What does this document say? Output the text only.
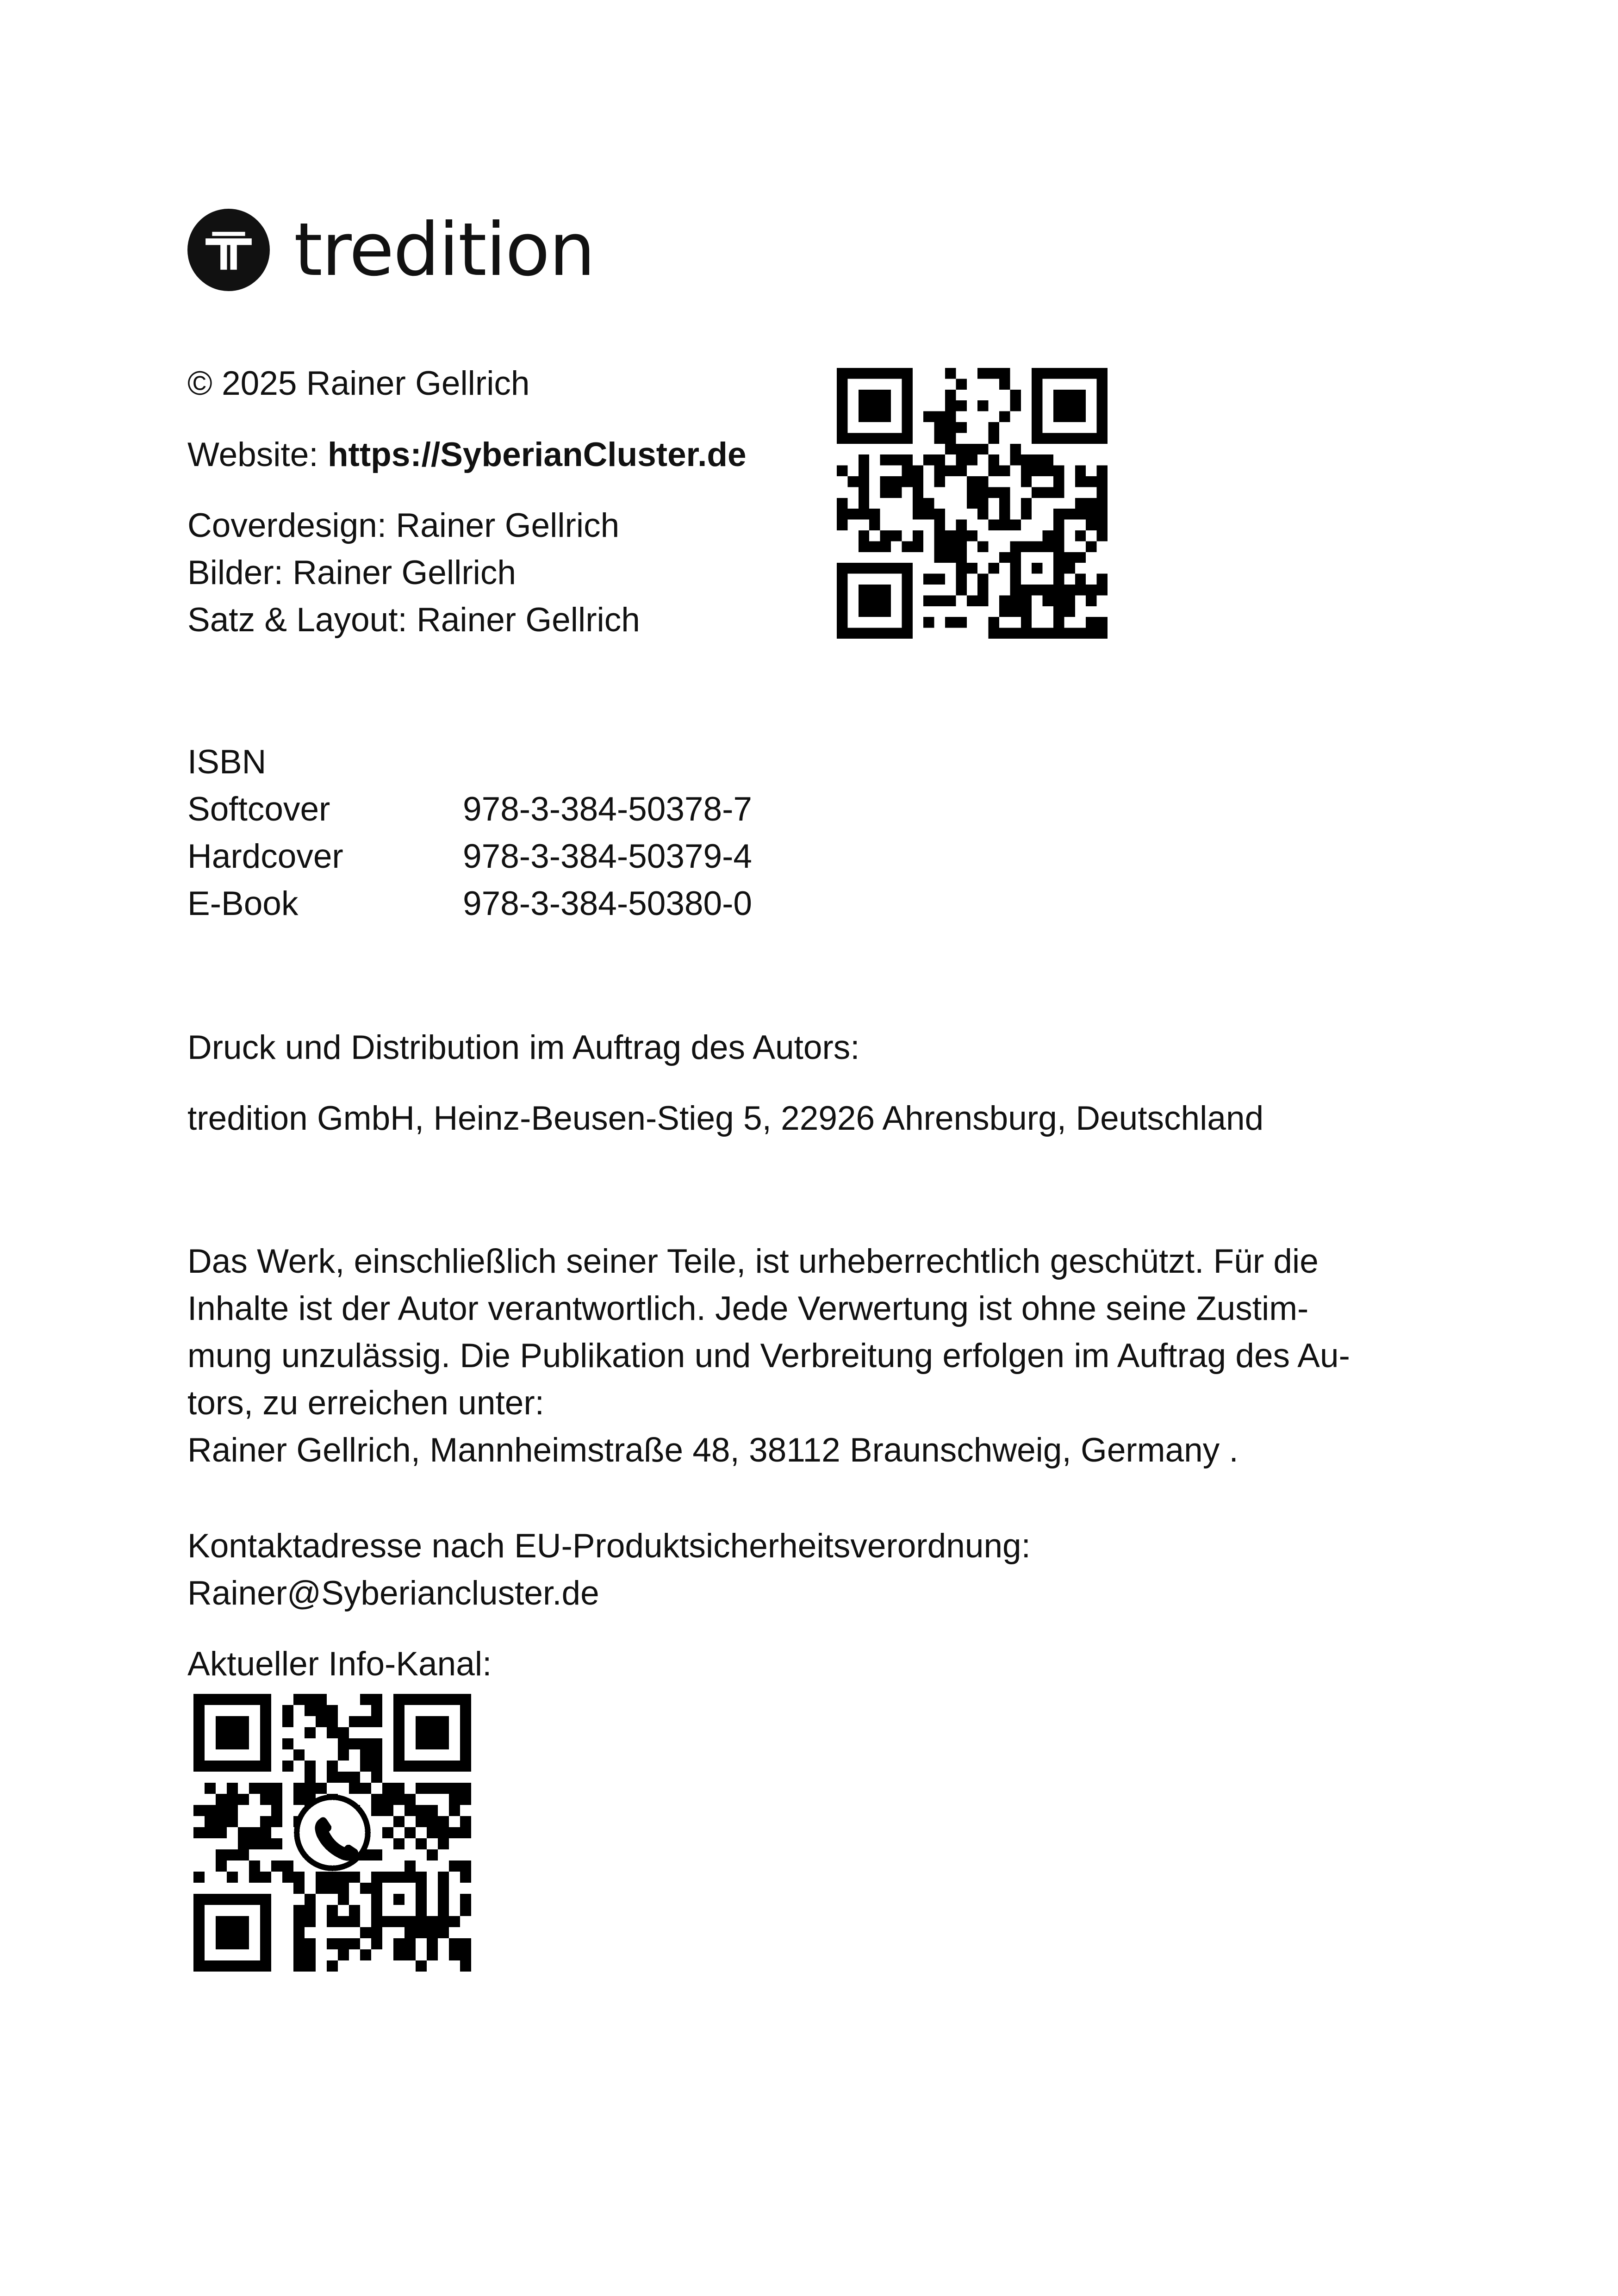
tredition
© 2025 Rainer Gellrich
Website: https://SyberianCluster.de
Coverdesign: Rainer Gellrich
Bilder: Rainer Gellrich
Satz & Layout: Rainer Gellrich
ISBN
Softcover	978-3-384-50378-7
Hardcover	978-3-384-50379-4
E-Book	978-3-384-50380-0
Druck und Distribution im Auftrag des Autors:
tredition GmbH, Heinz-Beusen-Stieg 5, 22926 Ahrensburg, Deutschland
Das Werk, einschließlich seiner Teile, ist urheberrechtlich geschützt. Für die
Inhalte ist der Autor verantwortlich. Jede Verwertung ist ohne seine Zustim-
mung unzulässig. Die Publikation und Verbreitung erfolgen im Auftrag des Au-
tors, zu erreichen unter:
Rainer Gellrich, Mannheimstraße 48, 38112 Braunschweig, Germany .
Kontaktadresse nach EU-Produktsicherheitsverordnung:
Rainer@Syberiancluster.de
Aktueller Info-Kanal:
